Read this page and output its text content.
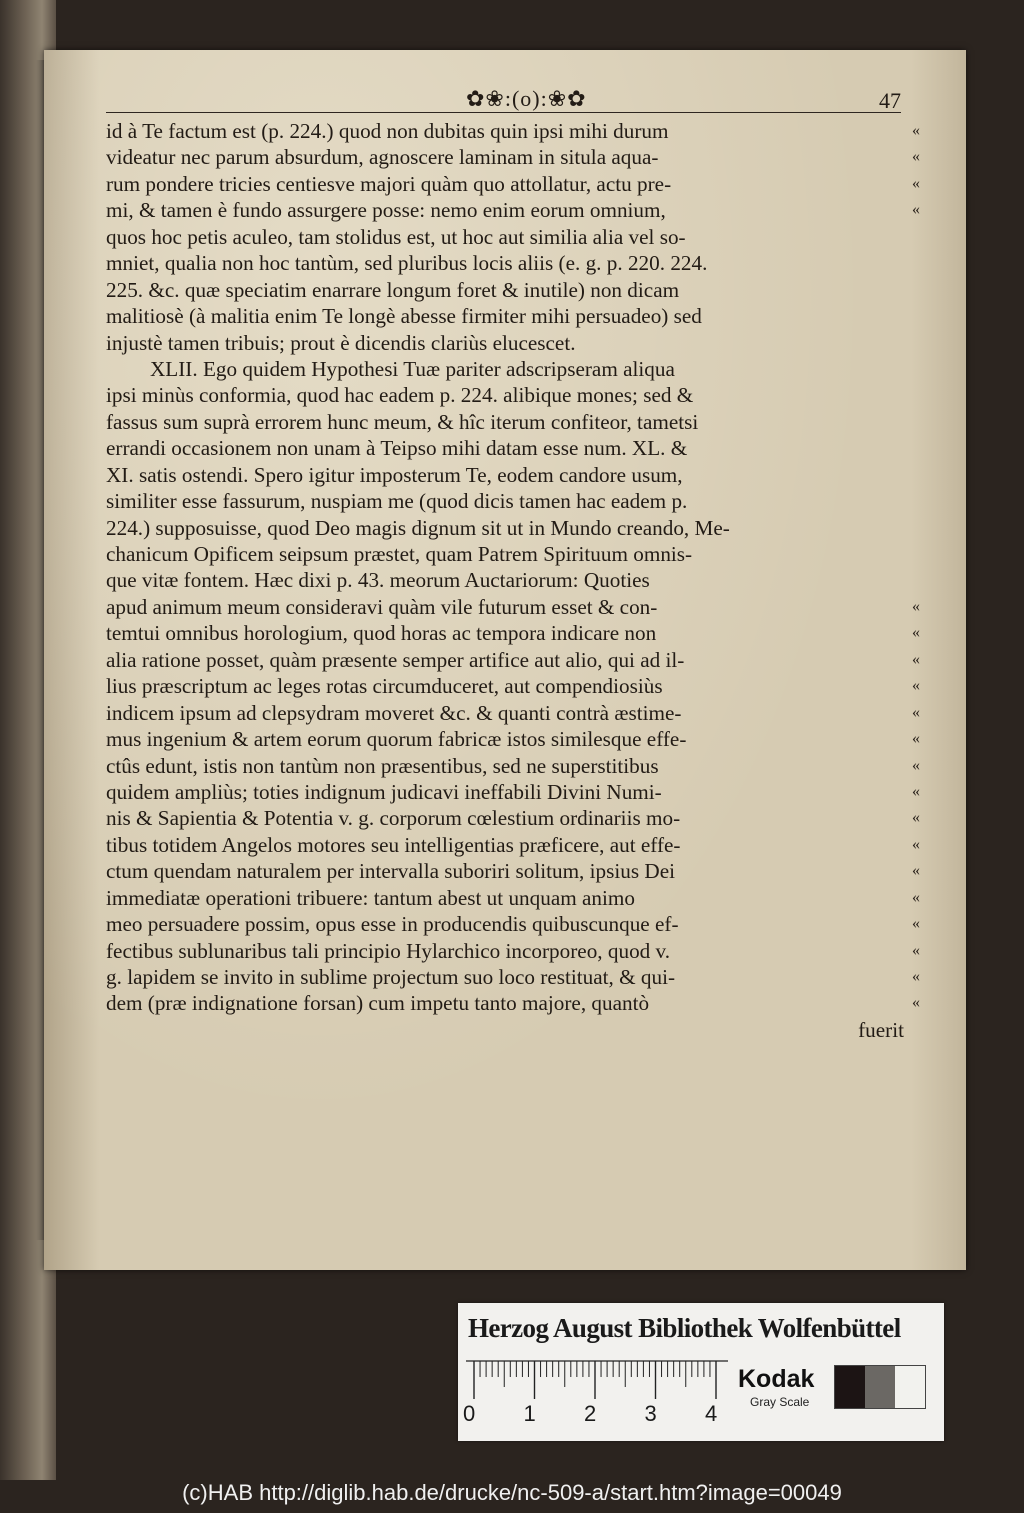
✿❀:(o):❀✿	47
id à Te factum est (p. 224.) quod non dubitas quin ipsi mihi durum	«
videatur nec parum absurdum, agnoscere laminam in situla aqua-	«
rum pondere tricies centiesve majori quàm quo attollatur, actu pre-	«
mi, & tamen è fundo assurgere posse: nemo enim eorum omnium,	«
quos hoc petis aculeo, tam stolidus est, ut hoc aut similia alia vel so-
mniet, qualia non hoc tantùm, sed pluribus locis aliis (e. g. p. 220. 224.
225. &c. quæ speciatim enarrare longum foret & inutile) non dicam
malitiosè (à malitia enim Te longè abesse firmiter mihi persuadeo) sed
injustè tamen tribuis; prout è dicendis clariùs elucescet.
XLII. Ego quidem Hypothesi Tuæ pariter adscripseram aliqua
ipsi minùs conformia, quod hac eadem p. 224. alibique mones; sed &
fassus sum suprà errorem hunc meum, & hîc iterum confiteor, tametsi
errandi occasionem non unam à Teipso mihi datam esse num. XL. &
XI. satis ostendi. Spero igitur imposterum Te, eodem candore usum,
similiter esse fassurum, nuspiam me (quod dicis tamen hac eadem p.
224.) supposuisse, quod Deo magis dignum sit ut in Mundo creando, Me-
chanicum Opificem seipsum præstet, quam Patrem Spirituum omnis-
que vitæ fontem. Hæc dixi p. 43. meorum Auctariorum: Quoties
apud animum meum consideravi quàm vile futurum esset & con-	«
temtui omnibus horologium, quod horas ac tempora indicare non	«
alia ratione posset, quàm præsente semper artifice aut alio, qui ad il-	«
lius præscriptum ac leges rotas circumduceret, aut compendiosiùs	«
indicem ipsum ad clepsydram moveret &c. & quanti contrà æstime-	«
mus ingenium & artem eorum quorum fabricæ istos similesque effe-	«
ctûs edunt, istis non tantùm non præsentibus, sed ne superstitibus	«
quidem ampliùs; toties indignum judicavi ineffabili Divini Numi-	«
nis & Sapientia & Potentia v. g. corporum cœlestium ordinariis mo-	«
tibus totidem Angelos motores seu intelligentias præficere, aut effe-	«
ctum quendam naturalem per intervalla suboriri solitum, ipsius Dei	«
immediatæ operationi tribuere: tantum abest ut unquam animo	«
meo persuadere possim, opus esse in producendis quibuscunque ef-	«
fectibus sublunaribus tali principio Hylarchico incorporeo, quod v.	«
g. lapidem se invito in sublime projectum suo loco restituat, & qui-	«
dem (præ indignatione forsan) cum impetu tanto majore, quantò	«
fuerit
Herzog August Bibliothek Wolfenbüttel
0 1 2 3 4
Kodak
Gray Scale
(c)HAB http://diglib.hab.de/drucke/nc-509-a/start.htm?image=00049
